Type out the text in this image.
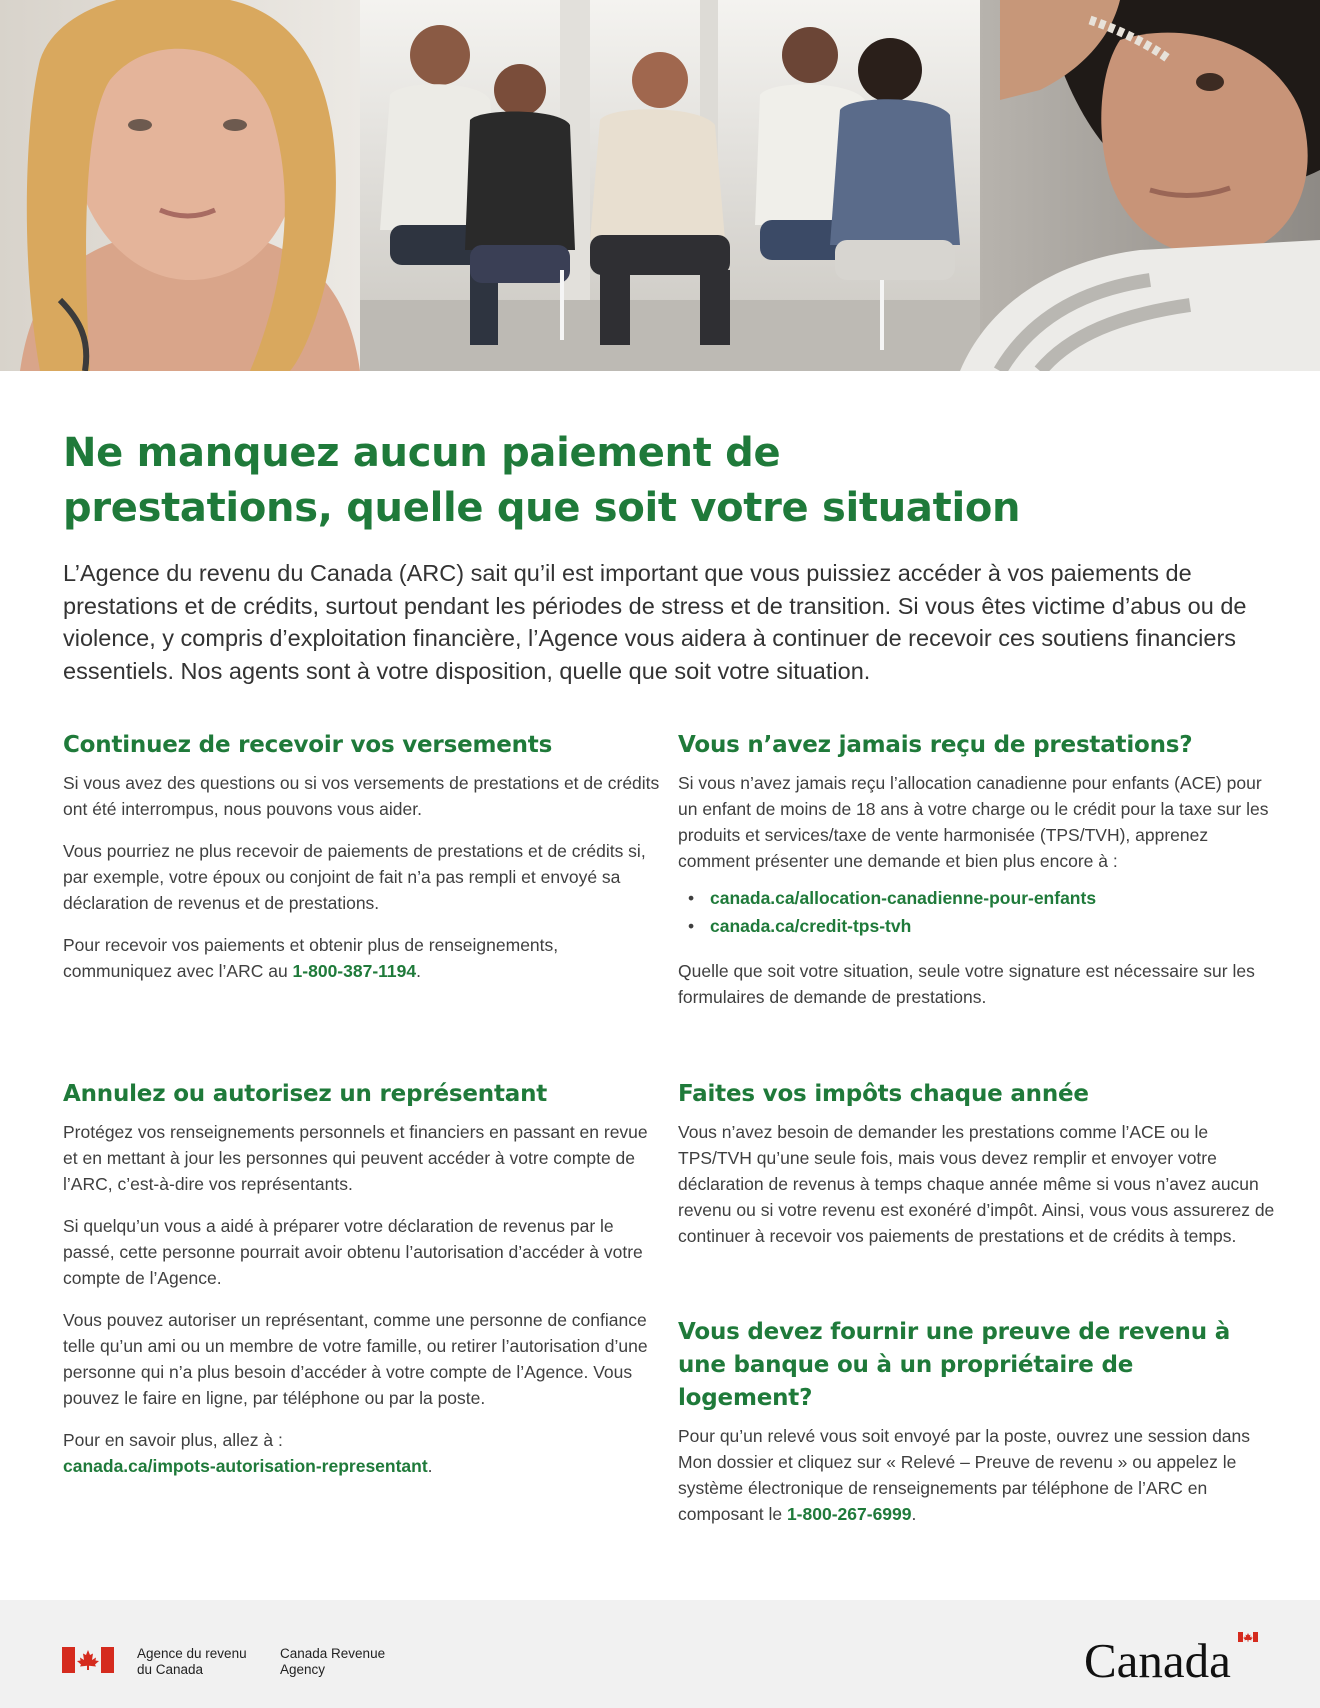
Ne manquez aucun paiement de
prestations, quelle que soit votre situation

L’Agence du revenu du Canada (ARC) sait qu’il est important que vous puissiez accéder à vos paiements de prestations et de crédits, surtout pendant les périodes de stress et de transition. Si vous êtes victime d’abus ou de violence, y compris d’exploitation financière, l’Agence vous aidera à continuer de recevoir ces soutiens financiers essentiels. Nos agents sont à votre disposition, quelle que soit votre situation.

Continuez de recevoir vos versements

Si vous avez des questions ou si vos versements de prestations et de crédits ont été interrompus, nous pouvons vous aider.

Vous pourriez ne plus recevoir de paiements de prestations et de crédits si, par exemple, votre époux ou conjoint de fait n’a pas rempli et envoyé sa déclaration de revenus et de prestations.

Pour recevoir vos paiements et obtenir plus de renseignements, communiquez avec l’ARC au 1-800-387-1194.

Vous n’avez jamais reçu de prestations?

Si vous n’avez jamais reçu l’allocation canadienne pour enfants (ACE) pour un enfant de moins de 18 ans à votre charge ou le crédit pour la taxe sur les produits et services/taxe de vente harmonisée (TPS/TVH), apprenez comment présenter une demande et bien plus encore à :

• canada.ca/allocation-canadienne-pour-enfants
• canada.ca/credit-tps-tvh

Quelle que soit votre situation, seule votre signature est nécessaire sur les formulaires de demande de prestations.

Annulez ou autorisez un représentant

Protégez vos renseignements personnels et financiers en passant en revue et en mettant à jour les personnes qui peuvent accéder à votre compte de l’ARC, c’est-à-dire vos représentants.

Si quelqu’un vous a aidé à préparer votre déclaration de revenus par le passé, cette personne pourrait avoir obtenu l’autorisation d’accéder à votre compte de l’Agence.

Vous pouvez autoriser un représentant, comme une personne de confiance telle qu’un ami ou un membre de votre famille, ou retirer l’autorisation d’une personne qui n’a plus besoin d’accéder à votre compte de l’Agence. Vous pouvez le faire en ligne, par téléphone ou par la poste.

Pour en savoir plus, allez à :
canada.ca/impots-autorisation-representant.

Faites vos impôts chaque année

Vous n’avez besoin de demander les prestations comme l’ACE ou le TPS/TVH qu’une seule fois, mais vous devez remplir et envoyer votre déclaration de revenus à temps chaque année même si vous n’avez aucun revenu ou si votre revenu est exonéré d’impôt. Ainsi, vous vous assurerez de continuer à recevoir vos paiements de prestations et de crédits à temps.

Vous devez fournir une preuve de revenu à une banque ou à un propriétaire de logement?

Pour qu’un relevé vous soit envoyé par la poste, ouvrez une session dans Mon dossier et cliquez sur « Relevé – Preuve de revenu » ou appelez le système électronique de renseignements par téléphone de l’ARC en composant le 1-800-267-6999.

Agence du revenu
du Canada
Canada Revenue
Agency	Canada
